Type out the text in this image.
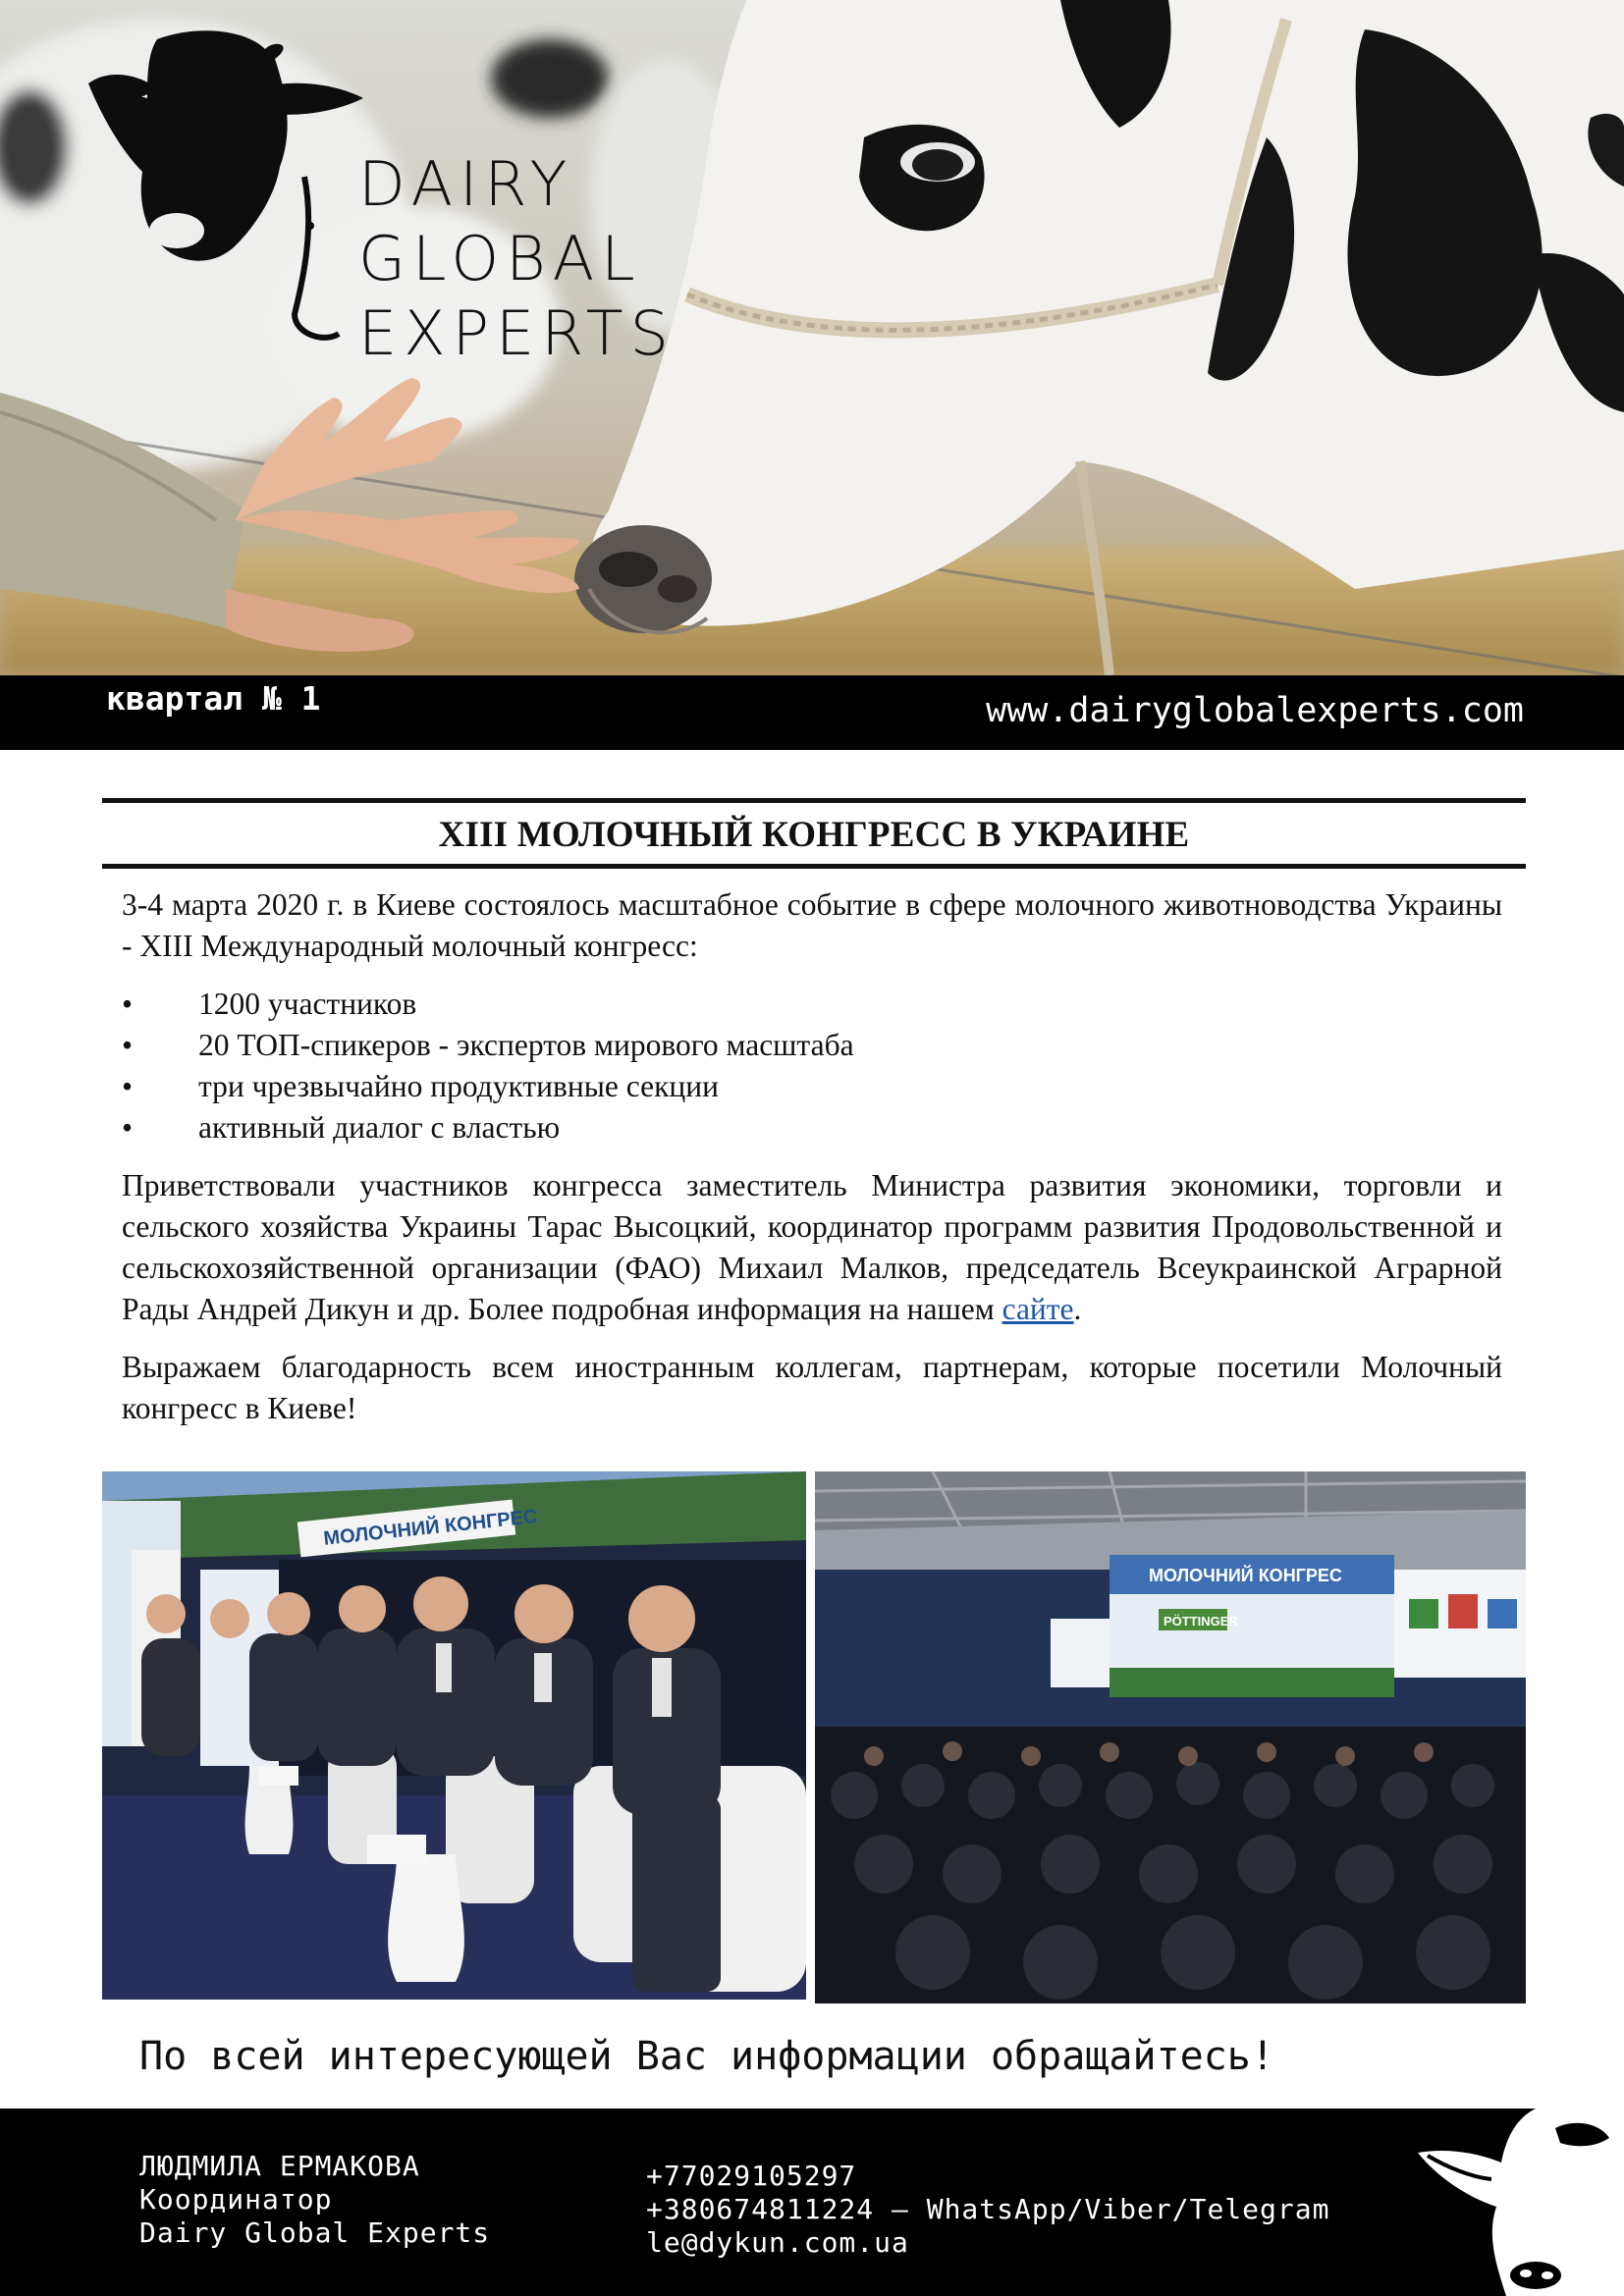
DAIRY
GLOBAL
EXPERTS
квартал № 1	www.dairyglobalexperts.com
XIII МОЛОЧНЫЙ КОНГРЕСС В УКРАИНЕ

3-4 марта 2020 г. в Киеве состоялось масштабное событие в сфере молочного животноводства Украины - XIII Международный молочный конгресс:

• 1200 участников
• 20 ТОП-спикеров - экспертов мирового масштаба
• три чрезвычайно продуктивные секции
• активный диалог с властью

Приветствовали участников конгресса заместитель Министра развития экономики, торговли и сельского хозяйства Украины Тарас Высоцкий, координатор программ развития Продовольственной и сельскохозяйственной организации (ФАО) Михаил Малков, председатель Всеукраинской Аграрной Рады Андрей Дикун и др. Более подробная информация на нашем сайте.

Выражаем благодарность всем иностранным коллегам, партнерам, которые посетили Молочный конгресс в Киеве!

МОЛОЧНИЙ КОНГРЕС
МОЛОЧНИЙ КОНГРЕС
PÖTTINGER
По всей интересующей Вас информации обращайтесь!
ЛЮДМИЛА ЕРМАКОВА
Координатор
Dairy Global Experts
+77029105297
+380674811224 – WhatsApp/Viber/Telegram
le@dykun.com.ua
